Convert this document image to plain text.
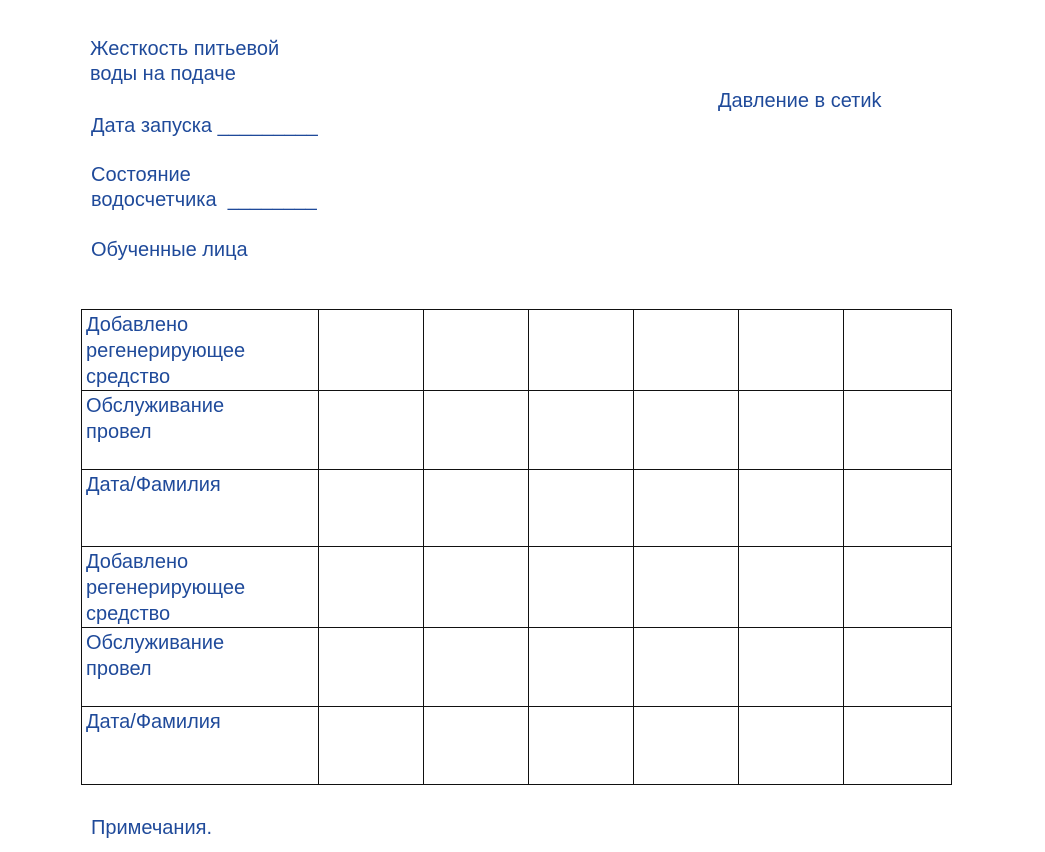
Жесткость питьевой
воды на подаче
Давление в сетиk
Дата запуска _________
Состояние
водосчетчика ________
Обученные лица
Добавлено
регенерирующее
средство						

Обслуживание
провел						

Дата/Фамилия						

Добавлено
регенерирующее
средство						

Обслуживание
провел						

Дата/Фамилия						

Примечания.
